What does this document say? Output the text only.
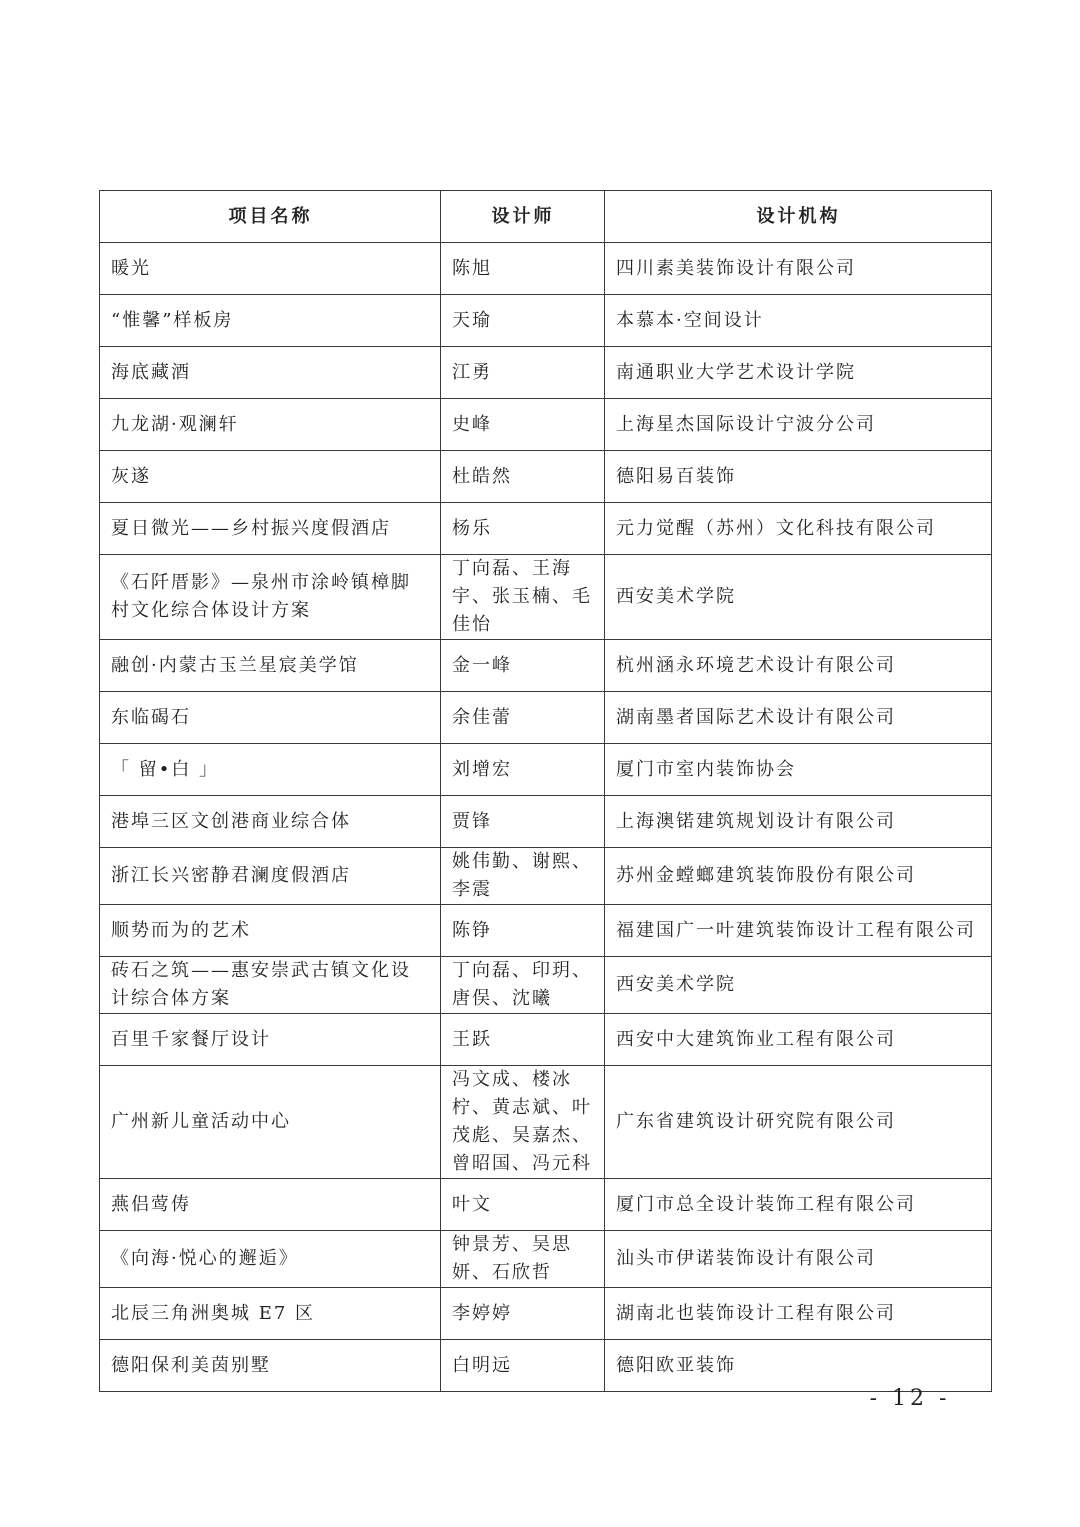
项目名称	设计师	设计机构
暖光	陈旭	四川素美装饰设计有限公司
“惟馨”样板房	天瑜	本慕本·空间设计
海底藏酒	江勇	南通职业大学艺术设计学院
九龙湖·观澜轩	史峰	上海星杰国际设计宁波分公司
灰遂	杜皓然	德阳易百装饰
夏日微光——乡村振兴度假酒店	杨乐	元力觉醒（苏州）文化科技有限公司
《石阡厝影》—泉州市涂岭镇樟脚村文化综合体设计方案	丁向磊、王海宇、张玉楠、毛佳怡	西安美术学院
融创·内蒙古玉兰星宸美学馆	金一峰	杭州涵永环境艺术设计有限公司
东临碣石	余佳蕾	湖南墨者国际艺术设计有限公司
「 留•白 」	刘增宏	厦门市室内装饰协会
港埠三区文创港商业综合体	贾锋	上海澳锘建筑规划设计有限公司
浙江长兴密静君澜度假酒店	姚伟勤、谢熙、李震	苏州金螳螂建筑装饰股份有限公司
顺势而为的艺术	陈铮	福建国广一叶建筑装饰设计工程有限公司
砖石之筑——惠安崇武古镇文化设计综合体方案	丁向磊、印玥、唐俣、沈曦	西安美术学院
百里千家餐厅设计	王跃	西安中大建筑饰业工程有限公司
广州新儿童活动中心	冯文成、楼冰柠、黄志斌、叶茂彪、吴嘉杰、曾昭国、冯元科	广东省建筑设计研究院有限公司
燕侣莺俦	叶文	厦门市总全设计装饰工程有限公司
《向海·悦心的邂逅》	钟景芳、吴思妍、石欣哲	汕头市伊诺装饰设计有限公司
北辰三角洲奥城 E7 区	李婷婷	湖南北也装饰设计工程有限公司
德阳保利美茵别墅	白明远	德阳欧亚装饰
- 12 -
